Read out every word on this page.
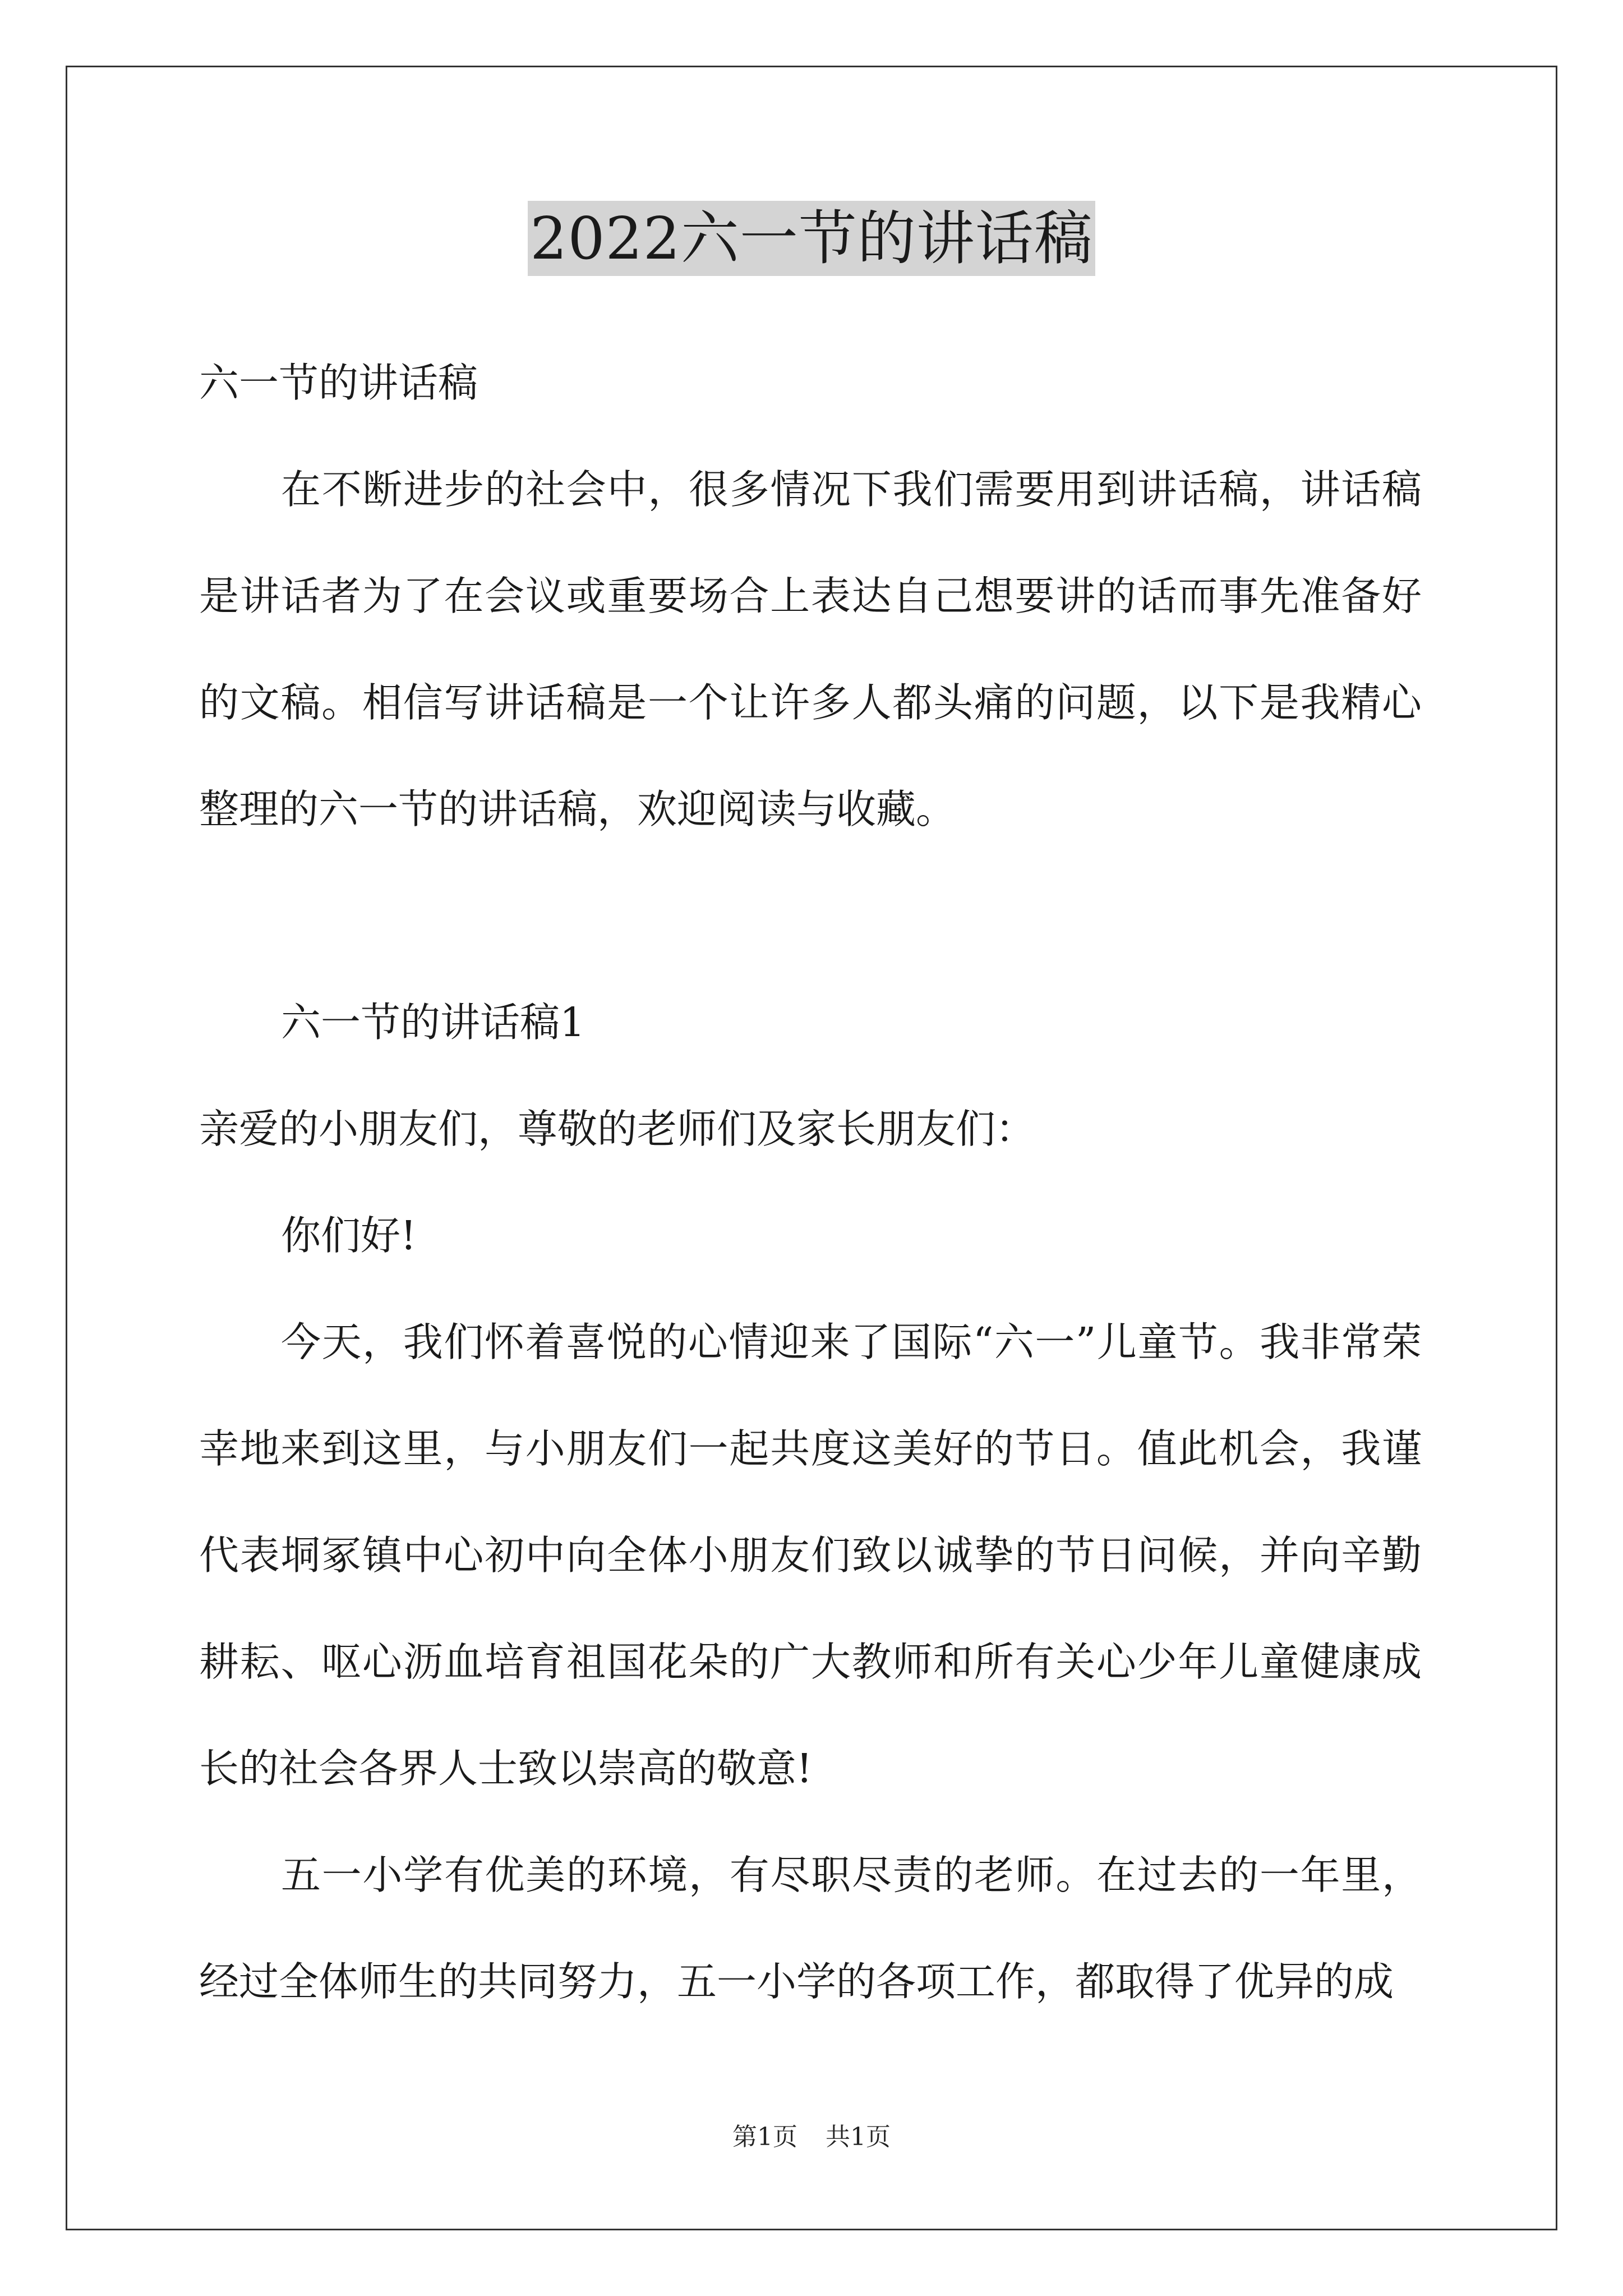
2022六一节的讲话稿

六一节的讲话稿

在不断进步的社会中，很多情况下我们需要用到讲话稿，讲话稿是讲话者为了在会议或重要场合上表达自己想要讲的话而事先准备好的文稿。相信写讲话稿是一个让许多人都头痛的问题，以下是我精心整理的六一节的讲话稿，欢迎阅读与收藏。

六一节的讲话稿1

亲爱的小朋友们，尊敬的老师们及家长朋友们：

你们好!

今天，我们怀着喜悦的心情迎来了国际“六一”儿童节。我非常荣幸地来到这里，与小朋友们一起共度这美好的节日。值此机会，我谨代表垌冢镇中心初中向全体小朋友们致以诚挚的节日问候，并向辛勤耕耘、呕心沥血培育祖国花朵的广大教师和所有关心少年儿童健康成长的社会各界人士致以崇高的敬意!

五一小学有优美的环境，有尽职尽责的老师。在过去的一年里，经过全体师生的共同努力，五一小学的各项工作，都取得了优异的成

第1页 共1页
